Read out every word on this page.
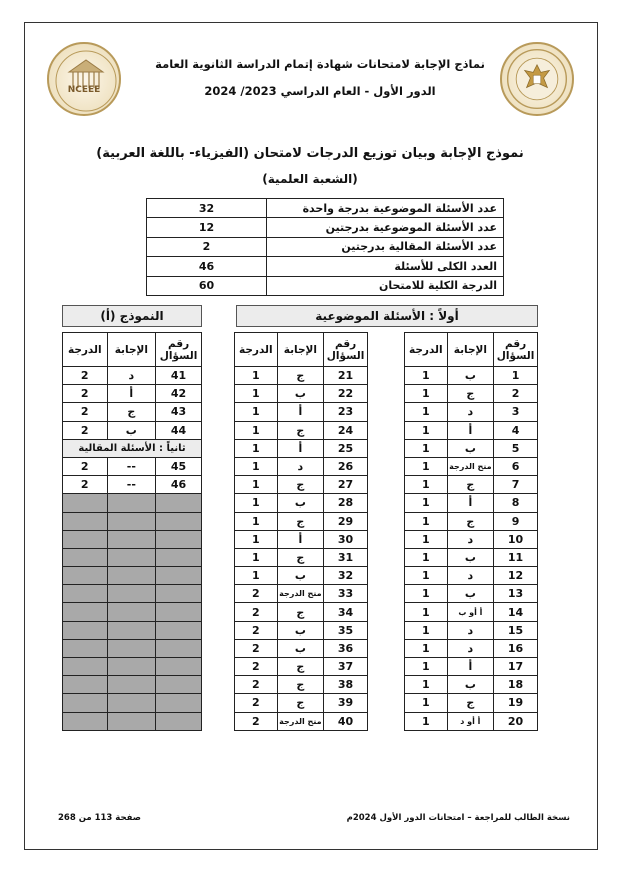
NCEEE
نماذج الإجابة لامتحانات شهادة إتمام الدراسة الثانوية العامة
الدور الأول - العام الدراسي 2023/ 2024
نموذج الإجابة وبيان توزيع الدرجات لامتحان (الفيزياء- باللغة العربية)
(الشعبة العلمية)
عدد الأسئلة الموضوعية بدرجة واحدة	32
عدد الأسئلة الموضوعية بدرجتين	12
عدد الأسئلة المقالية بدرجتين	2
العدد الكلى للأسئلة	46
الدرجة الكلية للامتحان	60
أولاً : الأسئلة الموضوعية
النموذج (أ)
رقم السؤال	الإجابة	الدرجة
1	ب	1
2	ج	1
3	د	1
4	أ	1
5	ب	1
6	منح الدرجة	1
7	ج	1
8	أ	1
9	ج	1
10	د	1
11	ب	1
12	د	1
13	ب	1
14	أ أو ب	1
15	د	1
16	د	1
17	أ	1
18	ب	1
19	ج	1
20	أ أو د	1
رقم السؤال	الإجابة	الدرجة
21	ج	1
22	ب	1
23	أ	1
24	ج	1
25	أ	1
26	د	1
27	ج	1
28	ب	1
29	ج	1
30	أ	1
31	ج	1
32	ب	1
33	منح الدرجة	2
34	ج	2
35	ب	2
36	ب	2
37	ج	2
38	ج	2
39	ج	2
40	منح الدرجة	2
رقم السؤال	الإجابة	الدرجة
41	د	2
42	أ	2
43	ج	2
44	ب	2
ثانياً : الأسئلة المقالية		
45	--	2
46	--	2

نسخة الطالب للمراجعة – امتحانات الدور الأول 2024م
صفحة 113 من 268
